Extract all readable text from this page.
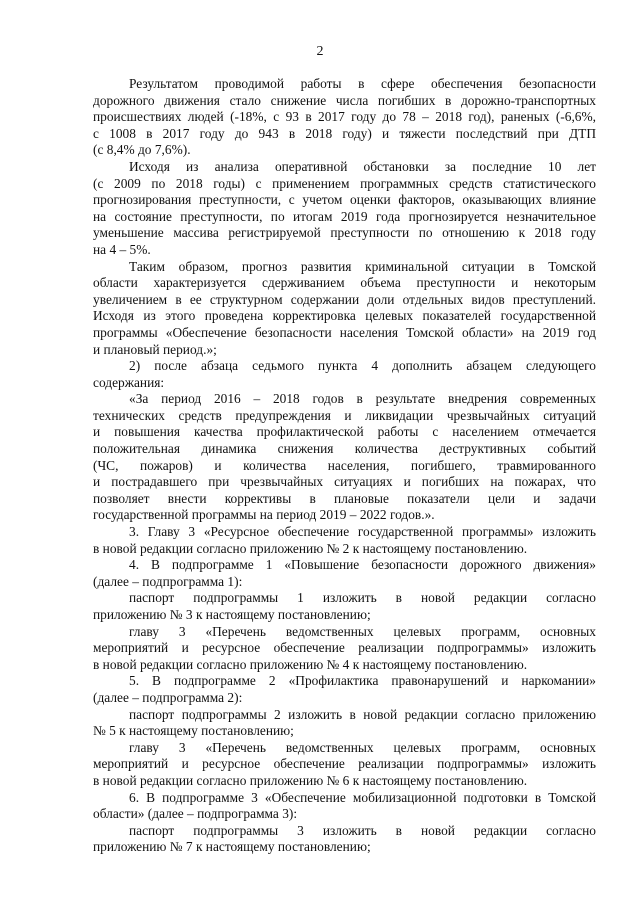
2
Результатом проводимой работы в сфере обеспечения безопасности
дорожного движения стало снижение числа погибших в дорожно-транспортных
происшествиях людей (-18%, с 93 в 2017 году до 78 – 2018 год), раненых (-6,6%,
с 1008 в 2017 году до 943 в 2018 году) и тяжести последствий при ДТП
(с 8,4% до 7,6%).
Исходя из анализа оперативной обстановки за последние 10 лет
(с 2009 по 2018 годы) с применением программных средств статистического
прогнозирования преступности, с учетом оценки факторов, оказывающих влияние
на состояние преступности, по итогам 2019 года прогнозируется незначительное
уменьшение массива регистрируемой преступности по отношению к 2018 году
на 4 – 5%.
Таким образом, прогноз развития криминальной ситуации в Томской
области характеризуется сдерживанием объема преступности и некоторым
увеличением в ее структурном содержании доли отдельных видов преступлений.
Исходя из этого проведена корректировка целевых показателей государственной
программы «Обеспечение безопасности населения Томской области» на 2019 год
и плановый период.»;
2) после абзаца седьмого пункта 4 дополнить абзацем следующего
содержания:
«За период 2016 – 2018 годов в результате внедрения современных
технических средств предупреждения и ликвидации чрезвычайных ситуаций
и повышения качества профилактической работы с населением отмечается
положительная динамика снижения количества деструктивных событий
(ЧС, пожаров) и количества населения, погибшего, травмированного
и пострадавшего при чрезвычайных ситуациях и погибших на пожарах, что
позволяет внести коррективы в плановые показатели цели и задачи
государственной программы на период 2019 – 2022 годов.».
3. Главу 3 «Ресурсное обеспечение государственной программы» изложить
в новой редакции согласно приложению № 2 к настоящему постановлению.
4. В подпрограмме 1 «Повышение безопасности дорожного движения»
(далее – подпрограмма 1):
паспорт подпрограммы 1 изложить в новой редакции согласно
приложению № 3 к настоящему постановлению;
главу 3 «Перечень ведомственных целевых программ, основных
мероприятий и ресурсное обеспечение реализации подпрограммы» изложить
в новой редакции согласно приложению № 4 к настоящему постановлению.
5. В подпрограмме 2 «Профилактика правонарушений и наркомании»
(далее – подпрограмма 2):
паспорт подпрограммы 2 изложить в новой редакции согласно приложению
№ 5 к настоящему постановлению;
главу 3 «Перечень ведомственных целевых программ, основных
мероприятий и ресурсное обеспечение реализации подпрограммы» изложить
в новой редакции согласно приложению № 6 к настоящему постановлению.
6. В подпрограмме 3 «Обеспечение мобилизационной подготовки в Томской
области» (далее – подпрограмма 3):
паспорт подпрограммы 3 изложить в новой редакции согласно
приложению № 7 к настоящему постановлению;
